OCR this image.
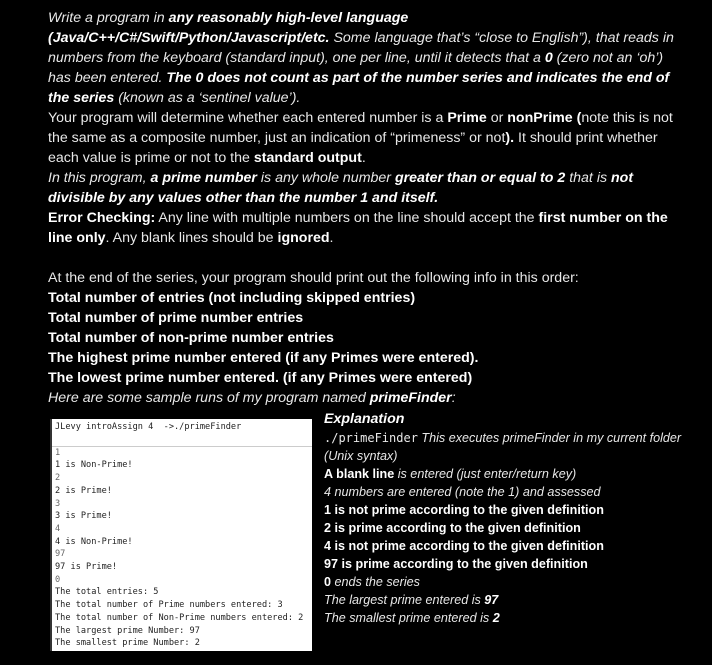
Write a program in any reasonably high-level language (Java/C++/C#/Swift/Python/Javascript/etc. Some language that’s “close to English”), that reads in numbers from the keyboard (standard input), one per line, until it detects that a 0 (zero not an ‘oh’) has been entered. The 0 does not count as part of the number series and indicates the end of the series (known as a ‘sentinel value’).

Your program will determine whether each entered number is a Prime or nonPrime (note this is not the same as a composite number, just an indication of “primeness” or not). It should print whether each value is prime or not to the standard output.

In this program, a prime number is any whole number greater than or equal to 2 that is not divisible by any values other than the number 1 and itself.

Error Checking: Any line with multiple numbers on the line should accept the first number on the line only. Any blank lines should be ignored.

At the end of the series, your program should print out the following info in this order:

Total number of entries (not including skipped entries)

Total number of prime number entries

Total number of non-prime number entries

The highest prime number entered (if any Primes were entered).

The lowest prime number entered. (if any Primes were entered)

Here are some sample runs of my program named primeFinder:

JLevy introAssign 4  ->./primeFinder
1
1 is Non-Prime!
2
2 is Prime!
3
3 is Prime!
4
4 is Non-Prime!
97
97 is Prime!
0
The total entries: 5
The total number of Prime numbers entered: 3
The total number of Non-Prime numbers entered: 2
The largest prime Number: 97
The smallest prime Number: 2
Explanation
./primeFinder This executes primeFinder in my current folder (Unix syntax)
A blank line is entered (just enter/return key)
4 numbers are entered (note the 1) and assessed
1 is not prime according to the given definition
2 is prime according to the given definition
4 is not prime according to the given definition
97 is prime according to the given definition
0 ends the series
The largest prime entered is 97
The smallest prime entered is 2
